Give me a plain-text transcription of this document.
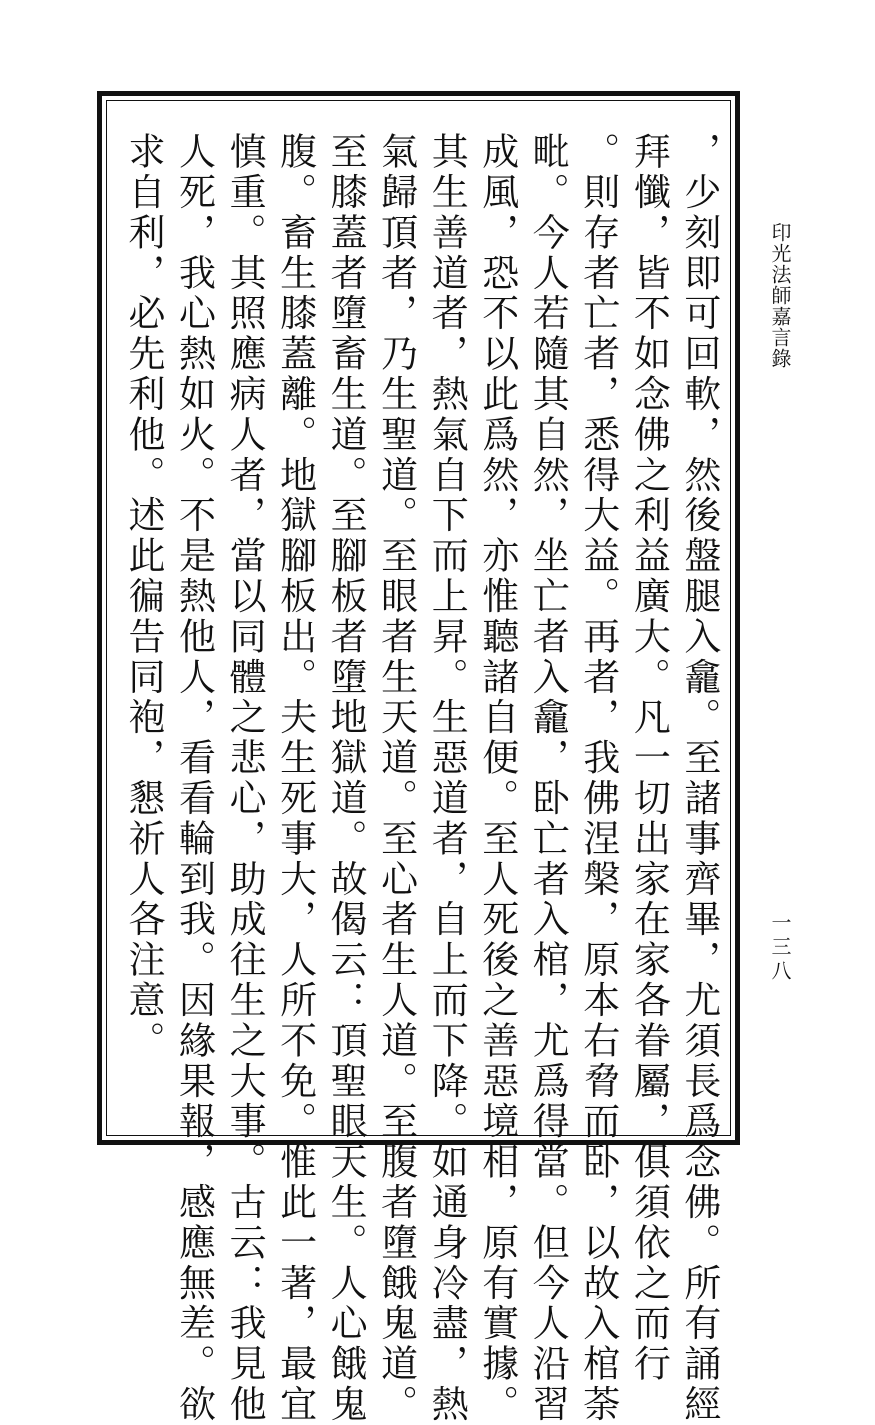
，少刻即可回軟，然後盤腿入龕。至諸事齊畢，尤須長爲念佛。所有誦經
拜懺，皆不如念佛之利益廣大。凡一切出家在家各眷屬，俱須依之而行
。則存者亡者，悉得大益。再者，我佛涅槃，原本右脅而卧，以故入棺荼
毗。今人若隨其自然，坐亡者入龕，卧亡者入棺，尤爲得當。但今人沿習
成風，恐不以此爲然，亦惟聽諸自便。至人死後之善惡境相，原有實據。
其生善道者，熱氣自下而上昇。生惡道者，自上而下降。如通身冷盡，熱
氣歸頂者，乃生聖道。至眼者生天道。至心者生人道。至腹者墮餓鬼道。
至膝蓋者墮畜生道。至腳板者墮地獄道。故偈云：頂聖眼天生。人心餓鬼
腹。畜生膝蓋離。地獄腳板出。夫生死事大，人所不免。惟此一著，最宜
慎重。其照應病人者，當以同體之悲心，助成往生之大事。古云：我見他
人死，我心熱如火。不是熱他人，看看輪到我。因緣果報，感應無差。欲
求自利，必先利他。述此徧告同袍，懇祈人各注意。	印光法師嘉言錄
一三八
